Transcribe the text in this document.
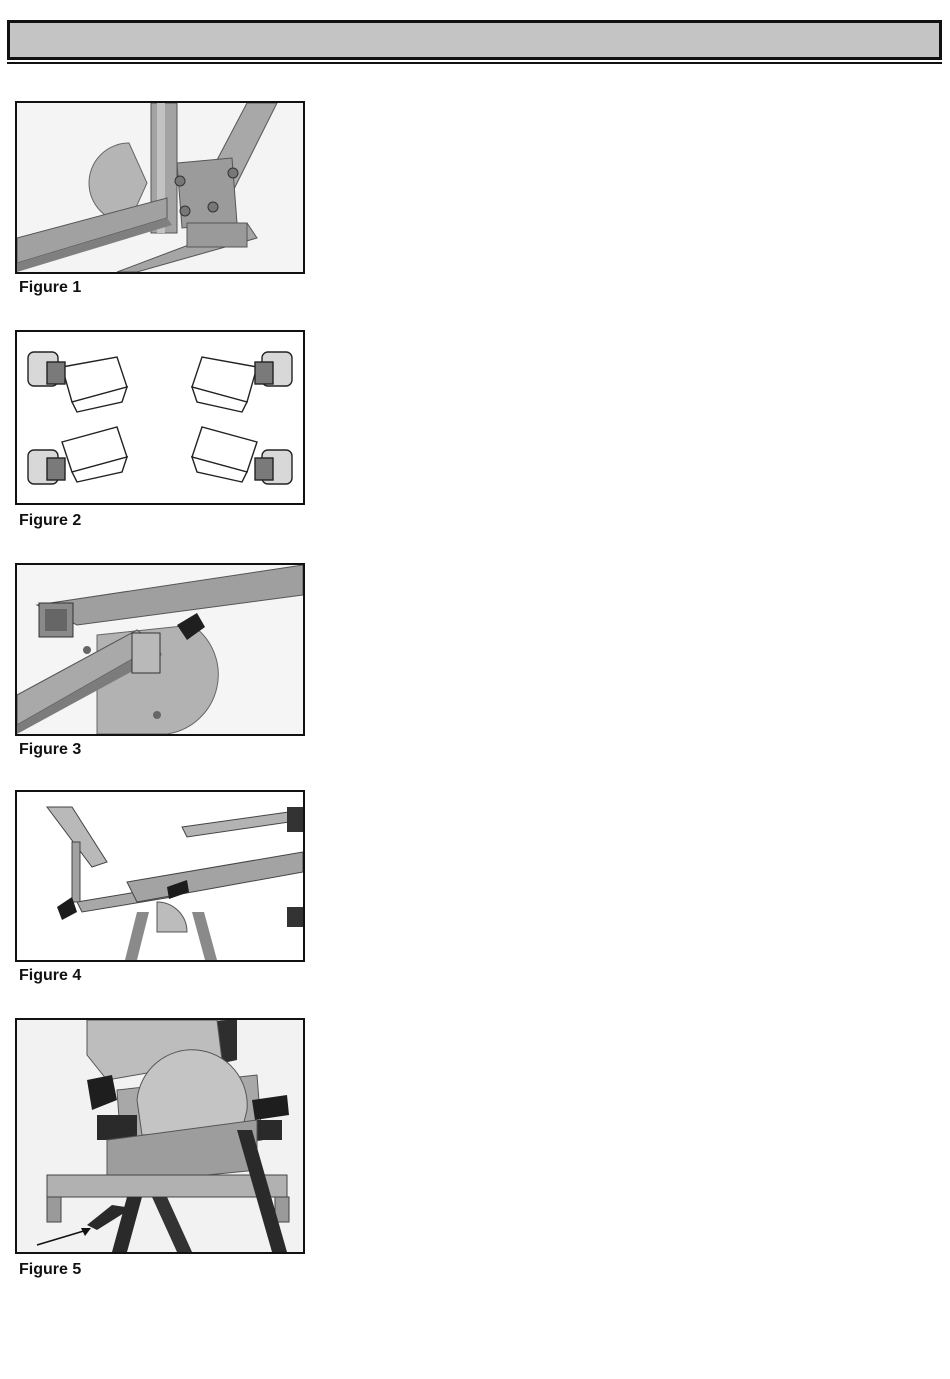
Figure 1
Figure 2
Figure 3
Figure 4
Figure 5
